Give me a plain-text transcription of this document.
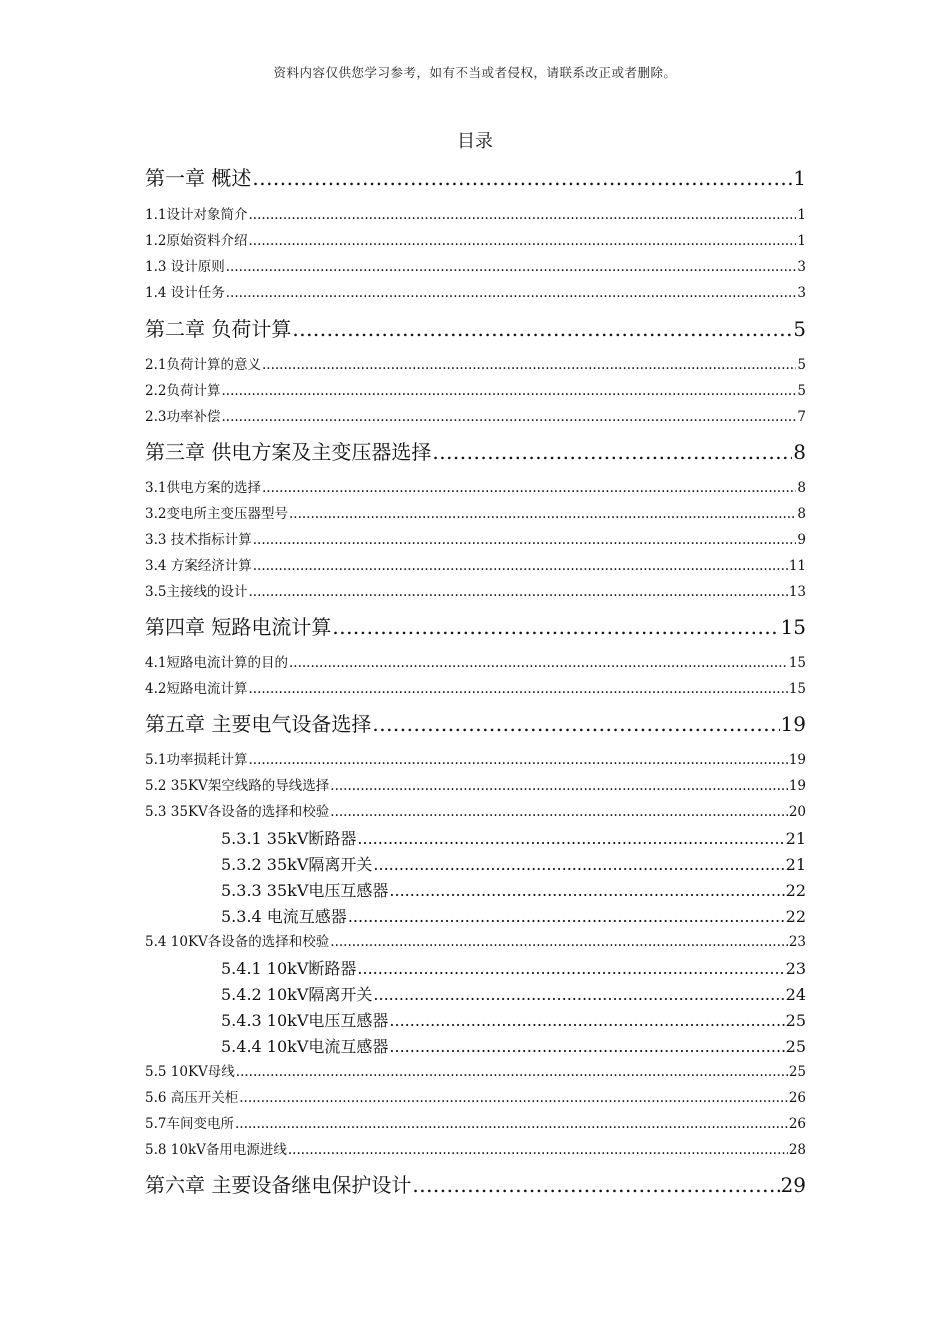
资料内容仅供您学习参考，如有不当或者侵权，请联系改正或者删除。
目录
第一章 概述 .....	1
1.1设计对象简介 .....	1
1.2原始资料介绍 .....	1
1.3 设计原则 .....	3
1.4 设计任务 .....	3
第二章 负荷计算 .....	5
2.1负荷计算的意义 .....	5
2.2负荷计算 .....	5
2.3功率补偿 .....	7
第三章 供电方案及主变压器选择 .....	8
3.1供电方案的选择 .....	8
3.2变电所主变压器型号 .....	8
3.3 技术指标计算 .....	9
3.4 方案经济计算 .....	11
3.5主接线的设计 .....	13
第四章 短路电流计算 .....	15
4.1短路电流计算的目的 .....	15
4.2短路电流计算 .....	15
第五章 主要电气设备选择 .....	19
5.1功率损耗计算 .....	19
5.2 35KV架空线路的导线选择 .....	19
5.3 35KV各设备的选择和校验 .....	20
5.3.1 35kV断路器 .....	21
5.3.2 35kV隔离开关 .....	21
5.3.3 35kV电压互感器 .....	22
5.3.4 电流互感器 .....	22
5.4 10KV各设备的选择和校验 .....	23
5.4.1 10kV断路器 .....	23
5.4.2 10kV隔离开关 .....	24
5.4.3 10kV电压互感器 .....	25
5.4.4 10kV电流互感器 .....	25
5.5 10KV母线 .....	25
5.6 高压开关柜 .....	26
5.7车间变电所 .....	26
5.8 10kV备用电源进线 .....	28
第六章 主要设备继电保护设计 .....	29
